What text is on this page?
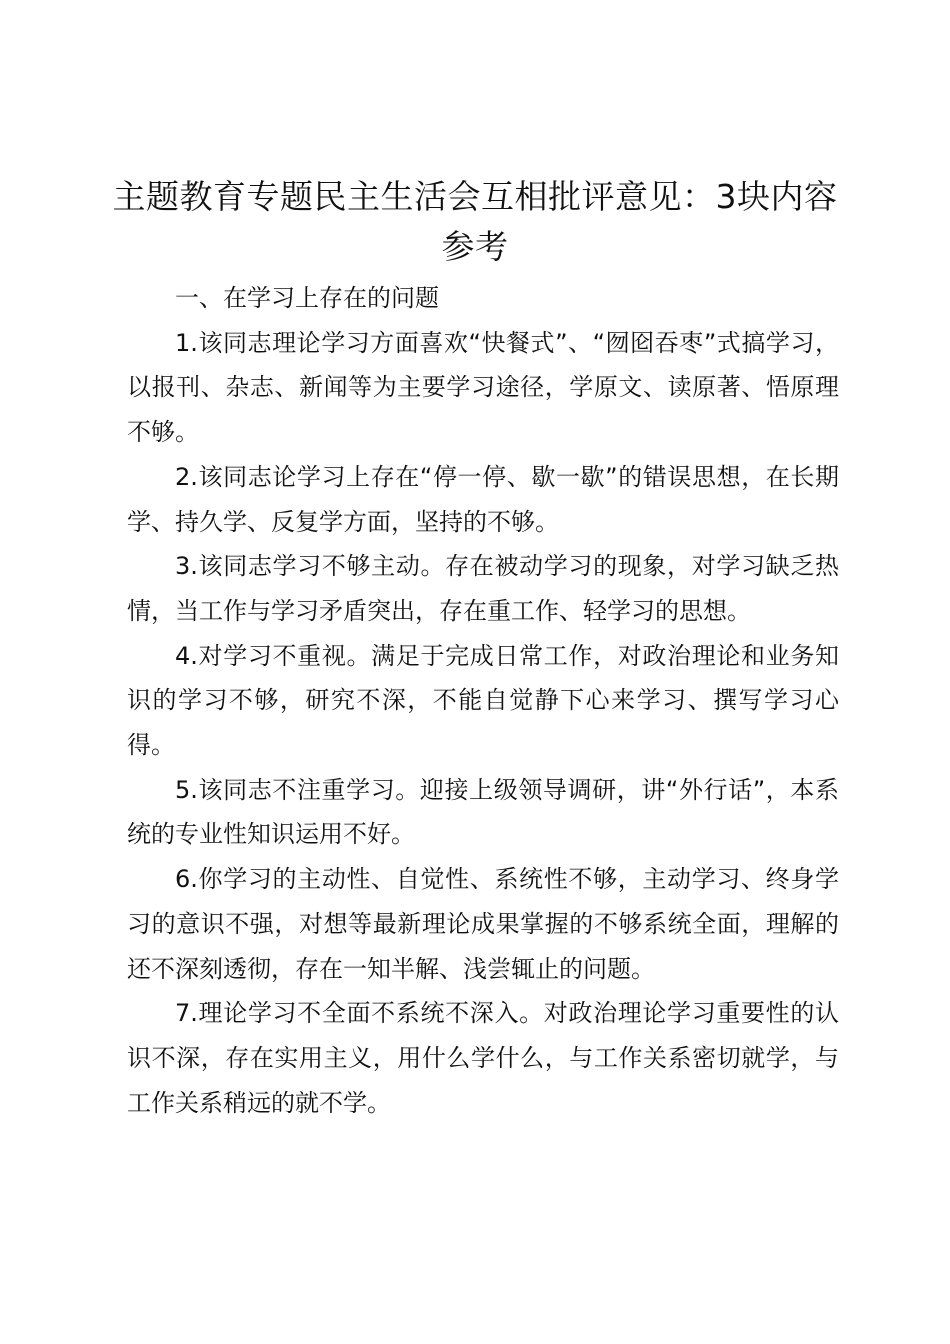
主题教育专题民主生活会互相批评意见：3块内容参考

一、在学习上存在的问题

1.该同志理论学习方面喜欢“快餐式”、“囫囵吞枣”式搞学习，以报刊、杂志、新闻等为主要学习途径，学原文、读原著、悟原理不够。

2.该同志论学习上存在“停一停、歇一歇”的错误思想，在长期学、持久学、反复学方面，坚持的不够。

3.该同志学习不够主动。存在被动学习的现象，对学习缺乏热情，当工作与学习矛盾突出，存在重工作、轻学习的思想。

4.对学习不重视。满足于完成日常工作，对政治理论和业务知识的学习不够，研究不深，不能自觉静下心来学习、撰写学习心得。

5.该同志不注重学习。迎接上级领导调研，讲“外行话”，本系统的专业性知识运用不好。

6.你学习的主动性、自觉性、系统性不够，主动学习、终身学习的意识不强，对想等最新理论成果掌握的不够系统全面，理解的还不深刻透彻，存在一知半解、浅尝辄止的问题。

7.理论学习不全面不系统不深入。对政治理论学习重要性的认识不深，存在实用主义，用什么学什么，与工作关系密切就学，与工作关系稍远的就不学。
